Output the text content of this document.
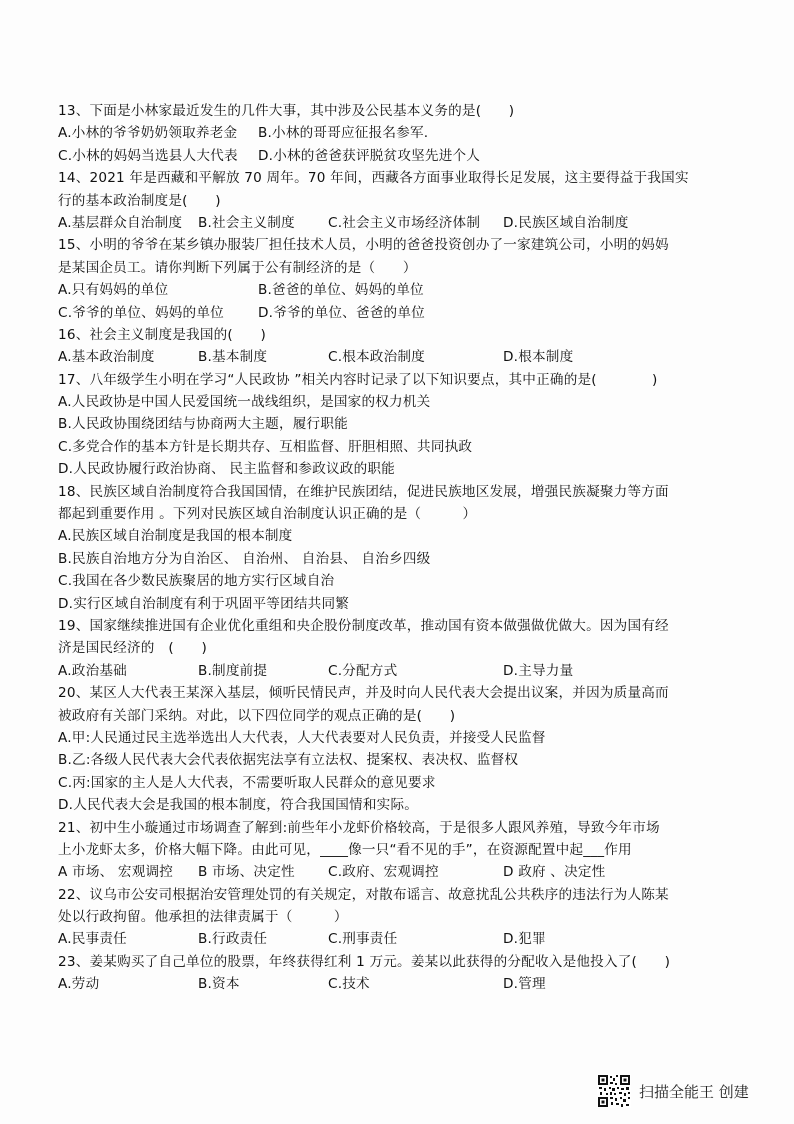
13、下面是小林家最近发生的几件大事，其中涉及公民基本义务的是(　　)
A.小林的爷爷奶奶领取养老金 B.小林的哥哥应征报名参军.
C.小林的妈妈当选县人大代表 D.小林的爸爸获评脱贫攻坚先进个人
14、2021 年是西藏和平解放 70 周年。70 年间，西藏各方面事业取得长足发展，这主要得益于我国实
行的基本政治制度是(　　)
A.基层群众自治制度 B.社会主义制度 C.社会主义市场经济体制 D.民族区域自治制度
15、小明的爷爷在某乡镇办服装厂担任技术人员，小明的爸爸投资创办了一家建筑公司，小明的妈妈
是某国企员工。请你判断下列属于公有制经济的是（　　）
A.只有妈妈的单位	B.爸爸的单位、妈妈的单位
C.爷爷的单位、妈妈的单位	D.爷爷的单位、爸爸的单位
16、社会主义制度是我国的(　　)
A.基本政治制度	B.基本制度	C.根本政治制度	D.根本制度
17、八年级学生小明在学习“人民政协 ”相关内容时记录了以下知识要点，其中正确的是(　　　　)
A.人民政协是中国人民爱国统一战线组织，是国家的权力机关
B.人民政协围绕团结与协商两大主题，履行职能
C.多党合作的基本方针是长期共存、互相监督、肝胆相照、共同执政
D.人民政协履行政治协商、 民主监督和参政议政的职能
18、民族区域自治制度符合我国国情，在维护民族团结，促进民族地区发展，增强民族凝聚力等方面
都起到重要作用 。下列对民族区域自治制度认识正确的是（　　　）
A.民族区域自治制度是我国的根本制度
B.民族自治地方分为自治区、 自治州、 自治县、 自治乡四级
C.我国在各少数民族聚居的地方实行区域自治
D.实行区域自治制度有利于巩固平等团结共同繁
19、国家继续推进国有企业优化重组和央企股份制度改革，推动国有资本做强做优做大。因为国有经
济是国民经济的　(　　)
A.政治基础	B.制度前提	C.分配方式	D.主导力量
20、某区人大代表王某深入基层，倾听民情民声，并及时向人民代表大会提出议案，并因为质量高而
被政府有关部门采纳。对此，以下四位同学的观点正确的是(　　)
A.甲:人民通过民主选举选出人大代表，人大代表要对人民负责，并接受人民监督
B.乙:各级人民代表大会代表依据宪法享有立法权、提案权、表决权、监督权
C.丙:国家的主人是人大代表，不需要听取人民群众的意见要求
D.人民代表大会是我国的根本制度，符合我国国情和实际。
21、初中生小璇通过市场调查了解到:前些年小龙虾价格较高，于是很多人跟风养殖，导致今年市场
上小龙虾太多，价格大幅下降。由此可见，____像一只“看不见的手”，在资源配置中起___作用
A 市场、 宏观调控 B 市场、决定性 C.政府、宏观调控	D 政府 、决定性
22、议乌市公安司根据治安管理处罚的有关规定，对散布谣言、故意扰乱公共秩序的违法行为人陈某
处以行政拘留。他承担的法律责属于（　　　）
A.民事责任	B.行政责任	C.刑事责任	D.犯罪
23、姜某购买了自己单位的股票，年终获得红利 1 万元。姜某以此获得的分配收入是他投入了(　　)
A.劳动	B.资本	C.技术	D.管理
扫描全能王 创建
